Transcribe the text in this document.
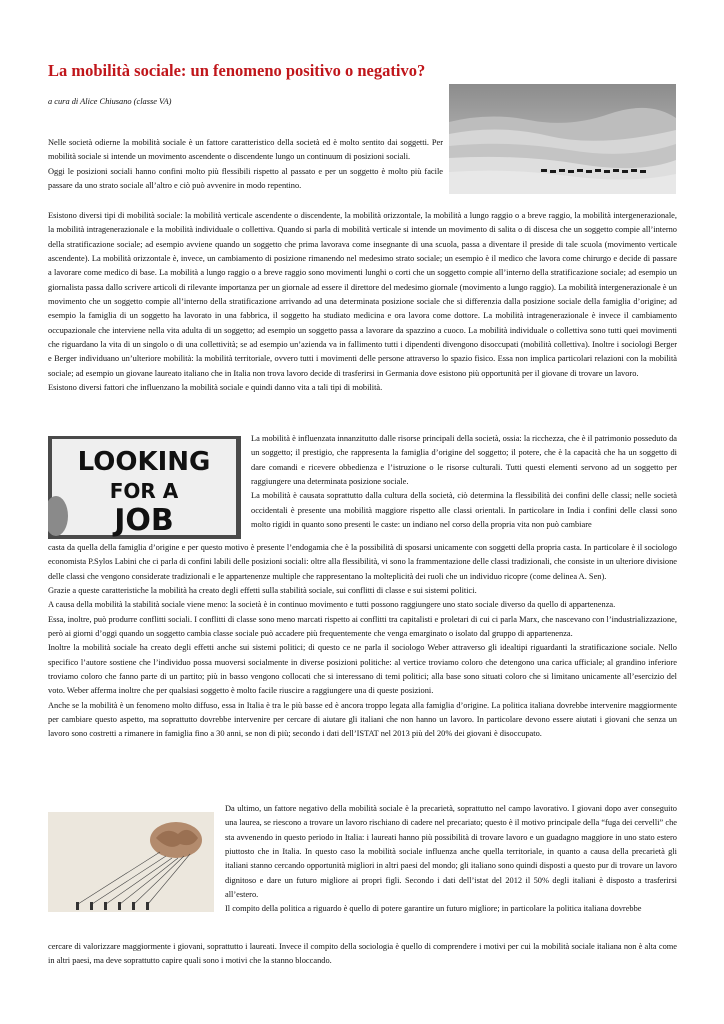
La mobilità sociale: un fenomeno positivo o negativo?

a cura di Alice Chiusano (classe VA)

Nelle società odierne la mobilità sociale è un fattore caratteristico della società ed è molto sentito dai soggetti. Per mobilità sociale si intende un movimento ascendente o discendente lungo un continuum di posizioni sociali.

Oggi le posizioni sociali hanno confini molto più flessibili rispetto al passato e per un soggetto è molto più facile passare da uno strato sociale all’altro e ciò può avvenire in modo repentino.

Esistono diversi tipi di mobilità sociale: la mobilità verticale ascendente o discendente, la mobilità orizzontale, la mobilità a lungo raggio o a breve raggio, la mobilità intergenerazionale, la mobilità intragenerazionale e la mobilità individuale o collettiva. Quando si parla di mobilità verticale si intende un movimento di salita o di discesa che un soggetto compie all’interno della stratificazione sociale; ad esempio avviene quando un soggetto che prima lavorava come insegnante di una scuola, passa a diventare il preside di tale scuola (movimento verticale ascendente). La mobilità orizzontale è, invece, un cambiamento di posizione rimanendo nel medesimo strato sociale; un esempio è il medico che lavora come chirurgo e decide di passare a lavorare come medico di base. La mobilità a lungo raggio o a breve raggio sono movimenti lunghi o corti che un soggetto compie all’interno della stratificazione sociale; ad esempio un giornalista passa dallo scrivere articoli di rilevante importanza per un giornale ad essere il direttore del medesimo giornale (movimento a lungo raggio). La mobilità intergenerazionale è un movimento che un soggetto compie all’interno della stratificazione arrivando ad una determinata posizione sociale che si differenzia dalla posizione sociale della famiglia d’origine; ad esempio la famiglia di un soggetto ha lavorato in una fabbrica, il soggetto ha studiato medicina e ora lavora come dottore. La mobilità intragenerazionale è invece il cambiamento occupazionale che interviene nella vita adulta di un soggetto; ad esempio un soggetto passa a lavorare da spazzino a cuoco. La mobilità individuale o collettiva sono tutti quei movimenti che riguardano la vita di un singolo o di una collettività; se ad esempio un’azienda va in fallimento tutti i dipendenti divengono disoccupati (mobilità collettiva). Inoltre i sociologi Berger e Berger individuano un’ulteriore mobilità: la mobilità territoriale, ovvero tutti i movimenti delle persone attraverso lo spazio fisico. Essa non implica particolari relazioni con la mobilità sociale; ad esempio un giovane laureato italiano che in Italia non trova lavoro decide di trasferirsi in Germania dove esistono più opportunità per il giovane di trovare un lavoro.

Esistono diversi fattori che influenzano la mobilità sociale e quindi danno vita a tali tipi di mobilità.

LOOKING
FOR A
JOB

La mobilità è influenzata innanzitutto dalle risorse principali della società, ossia: la ricchezza, che è il patrimonio posseduto da un soggetto; il prestigio, che rappresenta la famiglia d’origine del soggetto; il potere, che è la capacità che ha un soggetto di dare comandi e ricevere obbedienza e l’istruzione o le risorse culturali. Tutti questi elementi servono ad un soggetto per raggiungere una determinata posizione sociale.

La mobilità è causata soprattutto dalla cultura della società, ciò determina la flessibilità dei confini delle classi; nelle società occidentali è presente una mobilità maggiore rispetto alle classi orientali. In particolare in India i confini delle classi sono molto rigidi in quanto sono presenti le caste: un indiano nel corso della propria vita non può cambiare

casta da quella della famiglia d’origine e per questo motivo è presente l’endogamia che è la possibilità di sposarsi unicamente con soggetti della propria casta. In particolare è il sociologo economista P.Sylos Labini che ci parla di confini labili delle posizioni sociali: oltre alla flessibilità, vi sono la frammentazione delle classi tradizionali, che consiste in un ulteriore divisione delle classi che vengono considerate tradizionali e le appartenenze multiple che rappresentano la molteplicità dei ruoli che un individuo ricopre (come delinea A. Sen).

Grazie a queste caratteristiche la mobilità ha creato degli effetti sulla stabilità sociale, sui conflitti di classe e sui sistemi politici.

A causa della mobilità la stabilità sociale viene meno: la società è in continuo movimento e tutti possono raggiungere uno stato sociale diverso da quello di appartenenza.

Essa, inoltre, può produrre conflitti sociali. I conflitti di classe sono meno marcati rispetto ai conflitti tra capitalisti e proletari di cui ci parla Marx, che nascevano con l’industrializzazione, però ai giorni d’oggi quando un soggetto cambia classe sociale può accadere più frequentemente che venga emarginato o isolato dal gruppo di appartenenza.

Inoltre la mobilità sociale ha creato degli effetti anche sui sistemi politici; di questo ce ne parla il sociologo Weber attraverso gli idealtipi riguardanti la stratificazione sociale. Nello specifico l’autore sostiene che l’individuo possa muoversi socialmente in diverse posizioni politiche: al vertice troviamo coloro che detengono una carica ufficiale; al grandino inferiore troviamo coloro che fanno parte di un partito; più in basso vengono collocati che si interessano di temi politici; alla base sono situati coloro che si limitano unicamente all’esercizio del voto. Weber afferma inoltre che per qualsiasi soggetto è molto facile riuscire a raggiungere una di queste posizioni.

Anche se la mobilità è un fenomeno molto diffuso, essa in Italia è tra le più basse ed è ancora troppo legata alla famiglia d’origine. La politica italiana dovrebbe intervenire maggiormente per cambiare questo aspetto, ma soprattutto dovrebbe intervenire per cercare di aiutare gli italiani che non hanno un lavoro. In particolare devono essere aiutati i giovani che senza un lavoro sono costretti a rimanere in famiglia fino a 30 anni, se non di più; secondo i dati dell’ISTAT nel 2013 più del 20% dei giovani è disoccupato.

Da ultimo, un fattore negativo della mobilità sociale è la precarietà, soprattutto nel campo lavorativo. I giovani dopo aver conseguito una laurea, se riescono a trovare un lavoro rischiano di cadere nel precariato; questo è il motivo principale della “fuga dei cervelli” che sta avvenendo in questo periodo in Italia: i laureati hanno più possibilità di trovare lavoro e un guadagno maggiore in uno stato estero piuttosto che in Italia. In questo caso la mobilità sociale influenza anche quella territoriale, in quanto a causa della precarietà gli italiani stanno cercando opportunità migliori in altri paesi del mondo; gli italiano sono quindi disposti a questo pur di trovare un lavoro dignitoso e dare un futuro migliore ai propri figli. Secondo i dati dell’istat del 2012 il 50% degli italiani è disposto a trasferirsi all’estero.

Il compito della politica a riguardo è quello di potere garantire un futuro migliore; in particolare la politica italiana dovrebbe

cercare di valorizzare maggiormente i giovani, soprattutto i laureati. Invece il compito della sociologia è quello di comprendere i motivi per cui la mobilità sociale italiana non è alta come in altri paesi, ma deve soprattutto capire quali sono i motivi che la stanno bloccando.
